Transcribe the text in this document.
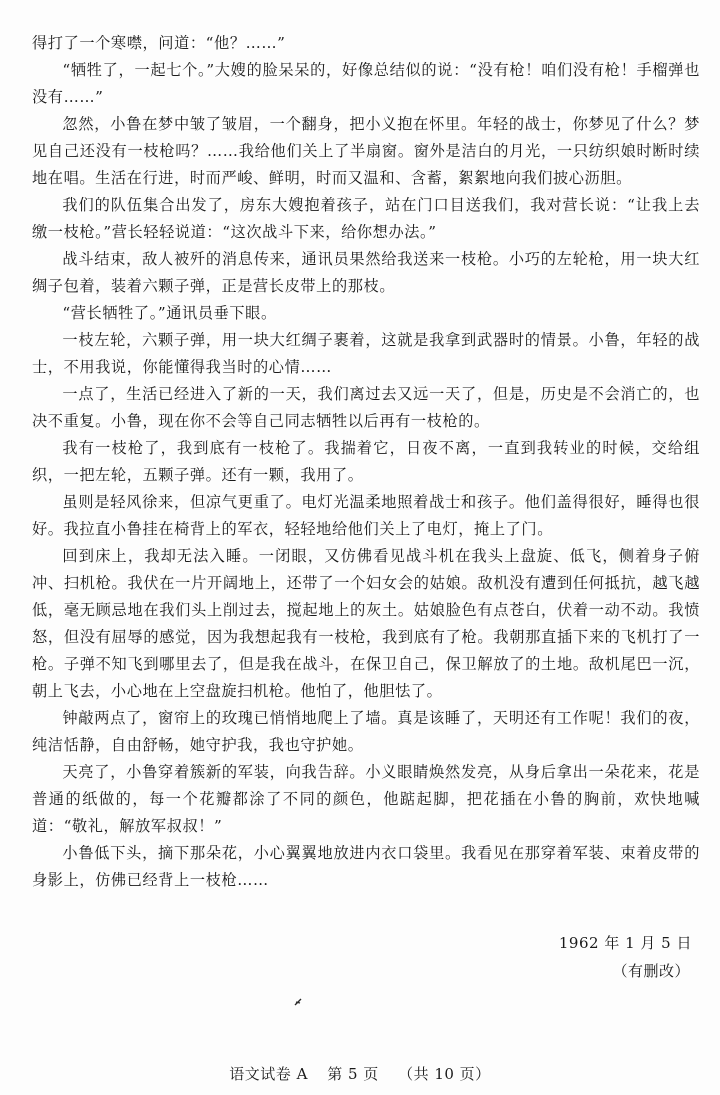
得打了一个寒噤，问道：“他？……”

“牺牲了，一起七个。”大嫂的脸呆呆的，好像总结似的说：“没有枪！咱们没有枪！手榴弹也没有……”

忽然，小鲁在梦中皱了皱眉，一个翻身，把小义抱在怀里。年轻的战士，你梦见了什么？梦见自己还没有一枝枪吗？……我给他们关上了半扇窗。窗外是洁白的月光，一只纺织娘时断时续地在唱。生活在行进，时而严峻、鲜明，时而又温和、含蓄，絮絮地向我们披心沥胆。

我们的队伍集合出发了，房东大嫂抱着孩子，站在门口目送我们，我对营长说：“让我上去缴一枝枪。”营长轻轻说道：“这次战斗下来，给你想办法。”

战斗结束，敌人被歼的消息传来，通讯员果然给我送来一枝枪。小巧的左轮枪，用一块大红绸子包着，装着六颗子弹，正是营长皮带上的那枝。

“营长牺牲了。”通讯员垂下眼。

一枝左轮，六颗子弹，用一块大红绸子裹着，这就是我拿到武器时的情景。小鲁，年轻的战士，不用我说，你能懂得我当时的心情……

一点了，生活已经进入了新的一天，我们离过去又远一天了，但是，历史是不会消亡的，也决不重复。小鲁，现在你不会等自己同志牺牲以后再有一枝枪的。

我有一枝枪了，我到底有一枝枪了。我揣着它，日夜不离，一直到我转业的时候，交给组织，一把左轮，五颗子弹。还有一颗，我用了。

虽则是轻风徐来，但凉气更重了。电灯光温柔地照着战士和孩子。他们盖得很好，睡得也很好。我拉直小鲁挂在椅背上的军衣，轻轻地给他们关上了电灯，掩上了门。

回到床上，我却无法入睡。一闭眼，又仿佛看见战斗机在我头上盘旋、低飞，侧着身子俯冲、扫机枪。我伏在一片开阔地上，还带了一个妇女会的姑娘。敌机没有遭到任何抵抗，越飞越低，毫无顾忌地在我们头上削过去，搅起地上的灰土。姑娘脸色有点苍白，伏着一动不动。我愤怒，但没有屈辱的感觉，因为我想起我有一枝枪，我到底有了枪。我朝那直插下来的飞机打了一枪。子弹不知飞到哪里去了，但是我在战斗，在保卫自己，保卫解放了的土地。敌机尾巴一沉，朝上飞去，小心地在上空盘旋扫机枪。他怕了，他胆怯了。

钟敲两点了，窗帘上的玫瑰已悄悄地爬上了墙。真是该睡了，天明还有工作呢！我们的夜，纯洁恬静，自由舒畅，她守护我，我也守护她。

天亮了，小鲁穿着簇新的军装，向我告辞。小义眼睛焕然发亮，从身后拿出一朵花来，花是普通的纸做的，每一个花瓣都涂了不同的颜色，他踮起脚，把花插在小鲁的胸前，欢快地喊道：“敬礼，解放军叔叔！”

小鲁低下头，摘下那朵花，小心翼翼地放进内衣口袋里。我看见在那穿着军装、束着皮带的身影上，仿佛已经背上一枝枪……

1962 年 1 月 5 日
（有删改）
语文试卷 A 第 5 页 （共 10 页）
